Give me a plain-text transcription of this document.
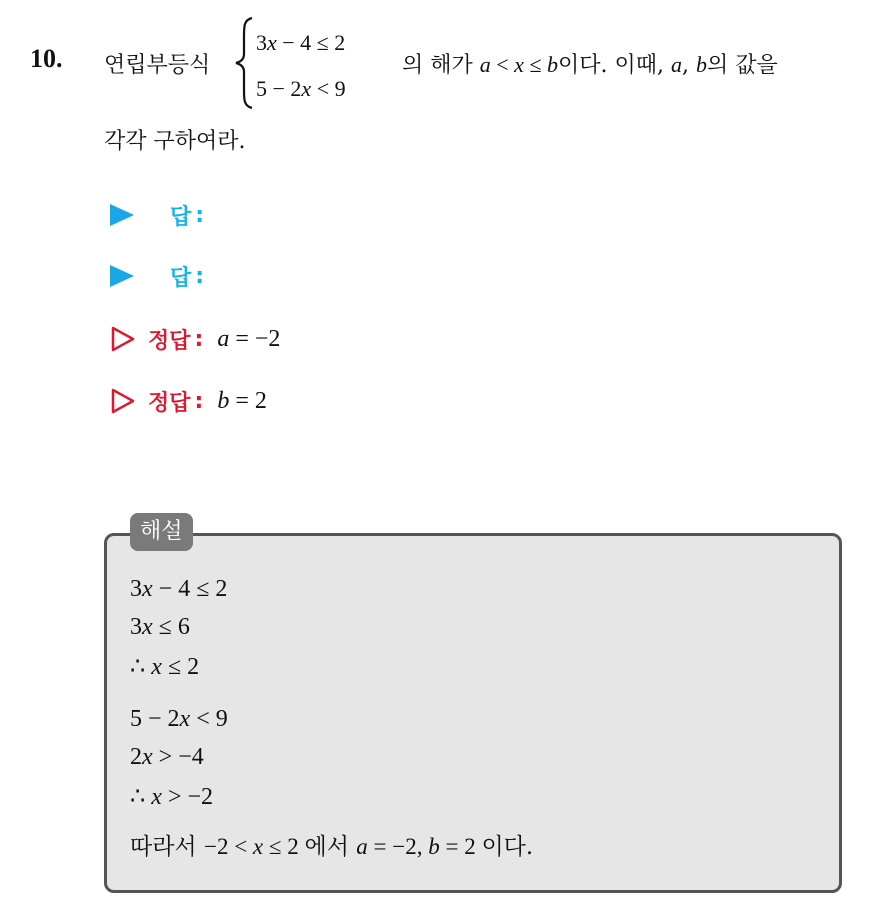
10. 연립부등식
3x − 4 ≤ 2
5 − 2x < 9
의 해가 a < x ≤ b이다. 이때, a, b의 값을
각각 구하여라.
답 :
답 :
정답 : a = −2
정답 : b = 2
해설
3x − 4 ≤ 2
3x ≤ 6
∴ x ≤ 2
5 − 2x < 9
2x > −4
∴ x > −2
따라서 −2 < x ≤ 2 에서 a = −2, b = 2 이다.
